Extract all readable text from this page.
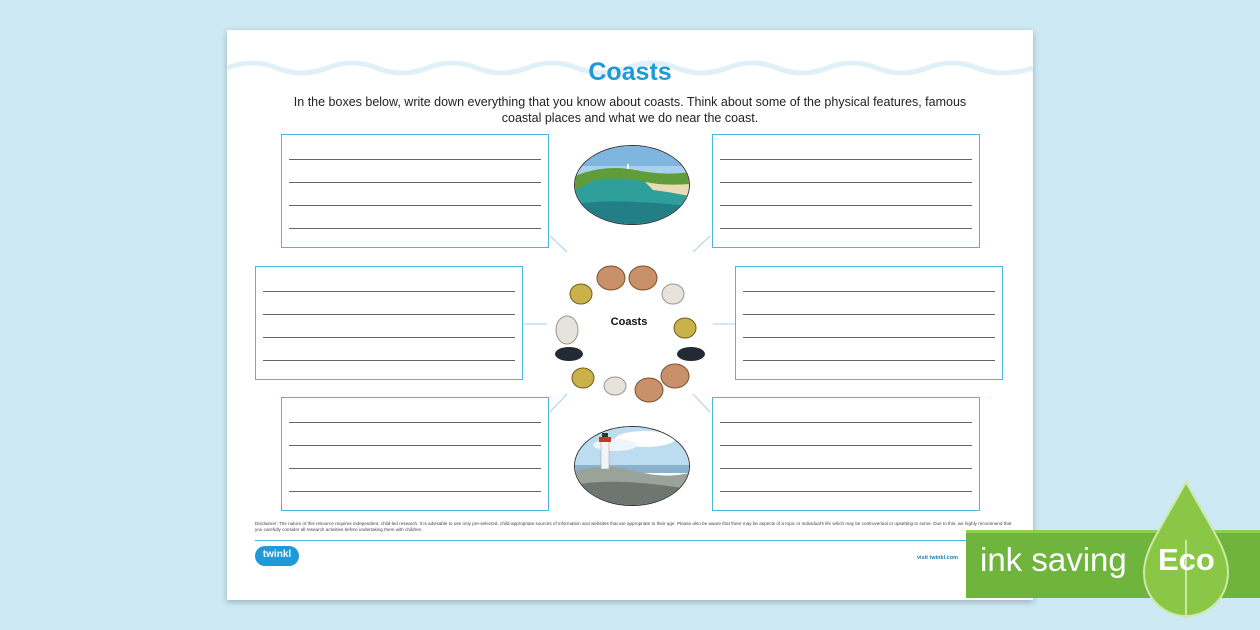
Coasts
In the boxes below, write down everything that you know about coasts. Think about some of the physical features, famous coastal places and what we do near the coast.
Coasts
Disclaimer: The nature of this resource requires independent, child-led research. It is advisable to use only pre-selected, child-appropriate sources of information and websites that are appropriate to their age. Please also be aware that there may be aspects of a topic or individual's life which may be controversial or upsetting to some. Due to this, we highly recommend that you carefully consider all research activities before undertaking them with children.
twinkl	visit twinkl.com ink saving Eco
